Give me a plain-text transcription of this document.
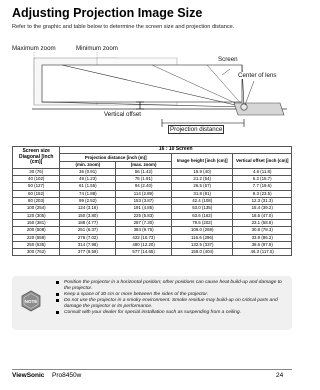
Adjusting Projection Image Size
Refer to the graphic and table below to determine the screen size and projection distance.
Maximum zoom	Minimum zoom
Screen
Center of lens
Vertical offset
Projection distance
Screen size Diagonal [inch (cm)]	16 : 10 Screen			
	Projection distance [inch (m)]		Image height [inch (cm)]	Vertical offset [inch (cm)]
	(min. zoom)	(max. zoom)		
30 (76)	36 (0.91)	56 (1.42)	15.9 (40)	4.6 (11.8)
40 (102)	49 (1.23)	75 (1.91)	21.2 (54)	6.2 (15.7)
50 (127)	61 (1.55)	94 (2.40)	26.5 (67)	7.7 (19.6)
60 (152)	74 (1.88)	114 (2.89)	31.8 (81)	9.3 (23.5)
80 (203)	99 (2.52)	153 (3.87)	42.4 (108)	12.3 (31.3)
100 (254)	124 (3.16)	191 (4.85)	53.0 (135)	15.4 (39.2)
120 (305)	150 (3.80)	225 (5.83)	63.6 (162)	18.5 (47.0)
150 (381)	188 (4.77)	287 (7.30)	79.5 (202)	23.1 (58.8)
200 (508)	251 (6.37)	384 (9.75)	106.0 (269)	30.8 (78.3)
220 (559)	276 (7.02)	422 (10.73)	116.6 (296)	33.9 (86.2)
250 (635)	314 (7.98)	480 (12.20)	132.5 (337)	38.6 (97.9)
300 (762)	377 (9.59)	577 (14.65)	159.0 (404)	46.3 (117.5)
NOTE
Position the projector in a horizontal position; other positions can cause heat build-up and damage to the projector.
Keep a space of 30 cm or more between the sides of the projector.
Do not use the projector in a smoky environment. Smoke residue may build-up on critical parts and damage the projector or its performance.
Consult with your dealer for special installation such as suspending from a ceiling.
ViewSonic Pro8450w	24
